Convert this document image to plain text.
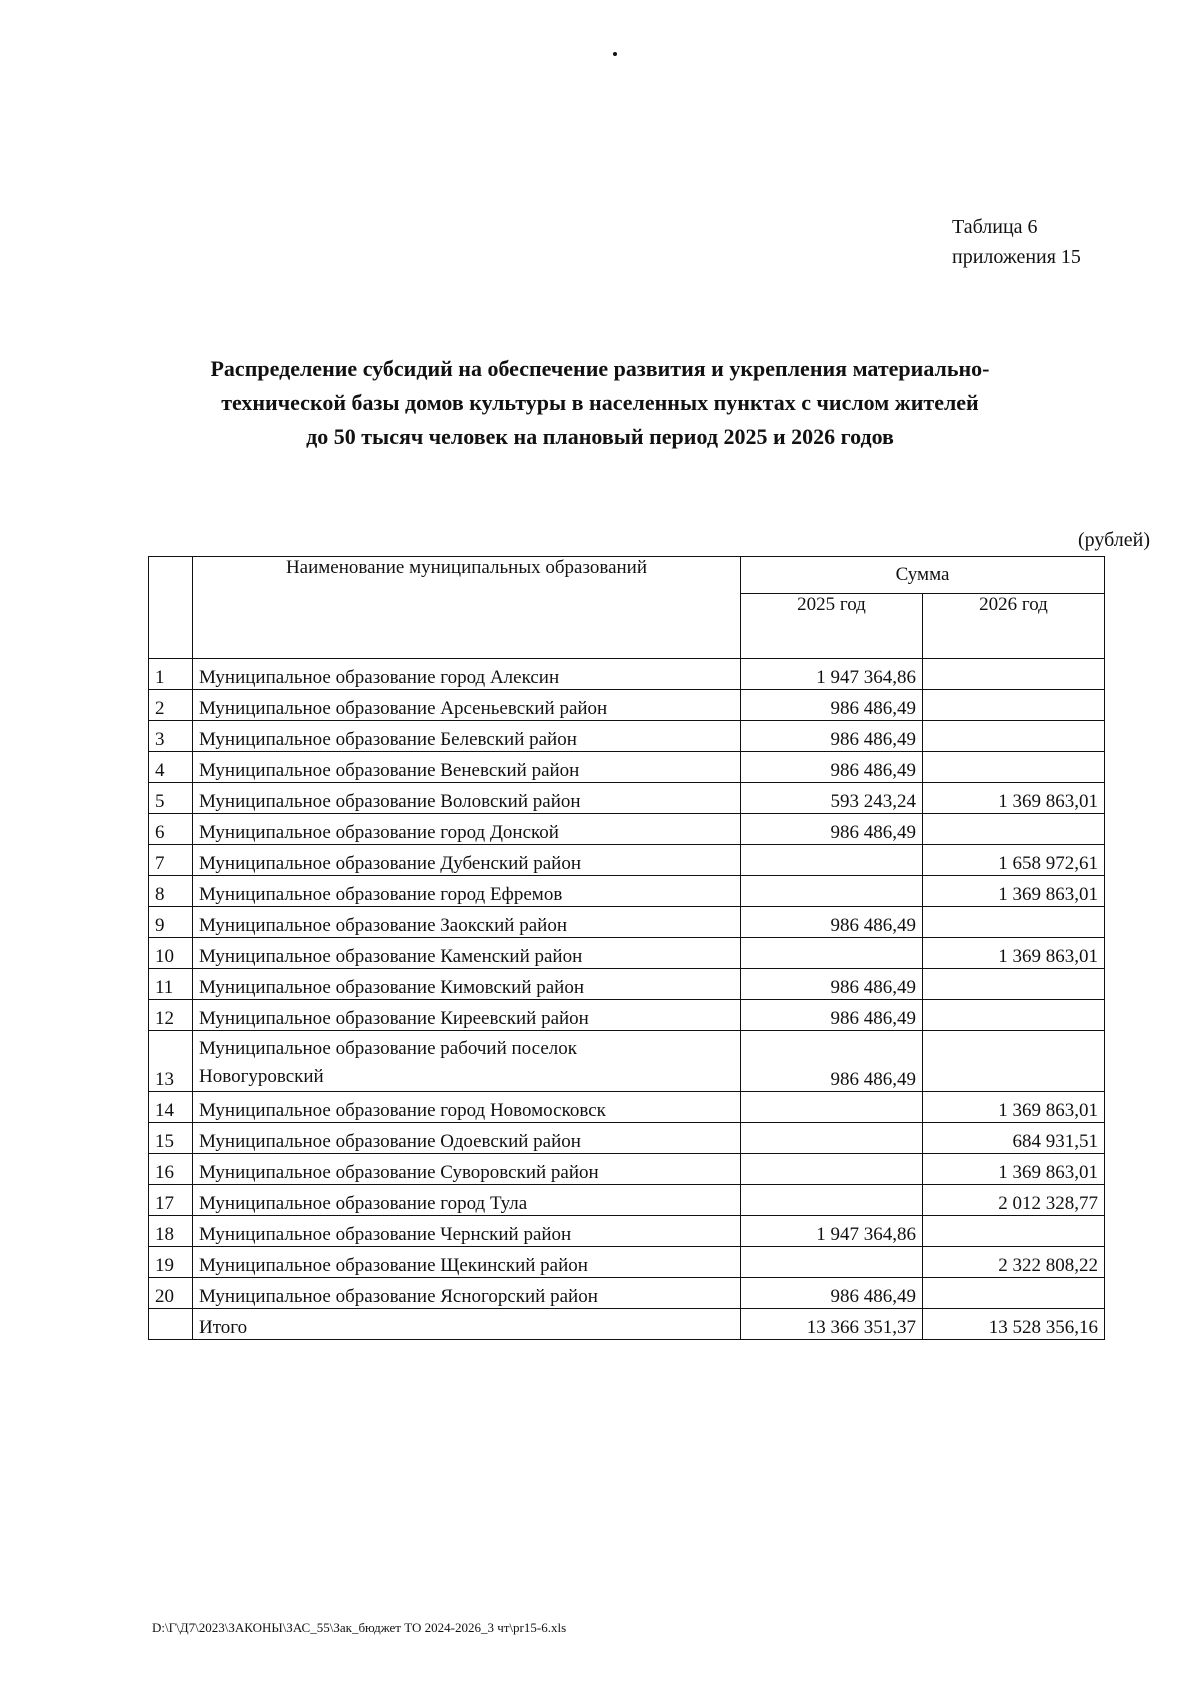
Таблица 6
приложения 15
Распределение субсидий на обеспечение развития и укрепления материально-
технической базы домов культуры в населенных пунктах с числом жителей
до 50 тысяч человек на плановый период 2025 и 2026 годов
(рублей)
	Наименование муниципальных образований	Сумма	
		2025 год	2026 год
1	Муниципальное образование город Алексин	1 947 364,86	
2	Муниципальное образование Арсеньевский район	986 486,49	
3	Муниципальное образование Белевский район	986 486,49	
4	Муниципальное образование Веневский район	986 486,49	
5	Муниципальное образование Воловский район	593 243,24	1 369 863,01
6	Муниципальное образование город Донской	986 486,49	
7	Муниципальное образование Дубенский район		1 658 972,61
8	Муниципальное образование город Ефремов		1 369 863,01
9	Муниципальное образование Заокский район	986 486,49	
10	Муниципальное образование Каменский район		1 369 863,01
11	Муниципальное образование Кимовский район	986 486,49	
12	Муниципальное образование Киреевский район	986 486,49	
13	Муниципальное образование рабочий поселок
Новогуровский	986 486,49	
14	Муниципальное образование город Новомосковск		1 369 863,01
15	Муниципальное образование Одоевский район		684 931,51
16	Муниципальное образование Суворовский район		1 369 863,01
17	Муниципальное образование город Тула		2 012 328,77
18	Муниципальное образование Чернский район	1 947 364,86	
19	Муниципальное образование Щекинский район		2 322 808,22
20	Муниципальное образование Ясногорский район	986 486,49	
	Итого	13 366 351,37	13 528 356,16
D:\Г\Д7\2023\ЗАКОНЫ\ЗАС_55\Зак_бюджет ТО 2024-2026_3 чт\pr15-6.xls
